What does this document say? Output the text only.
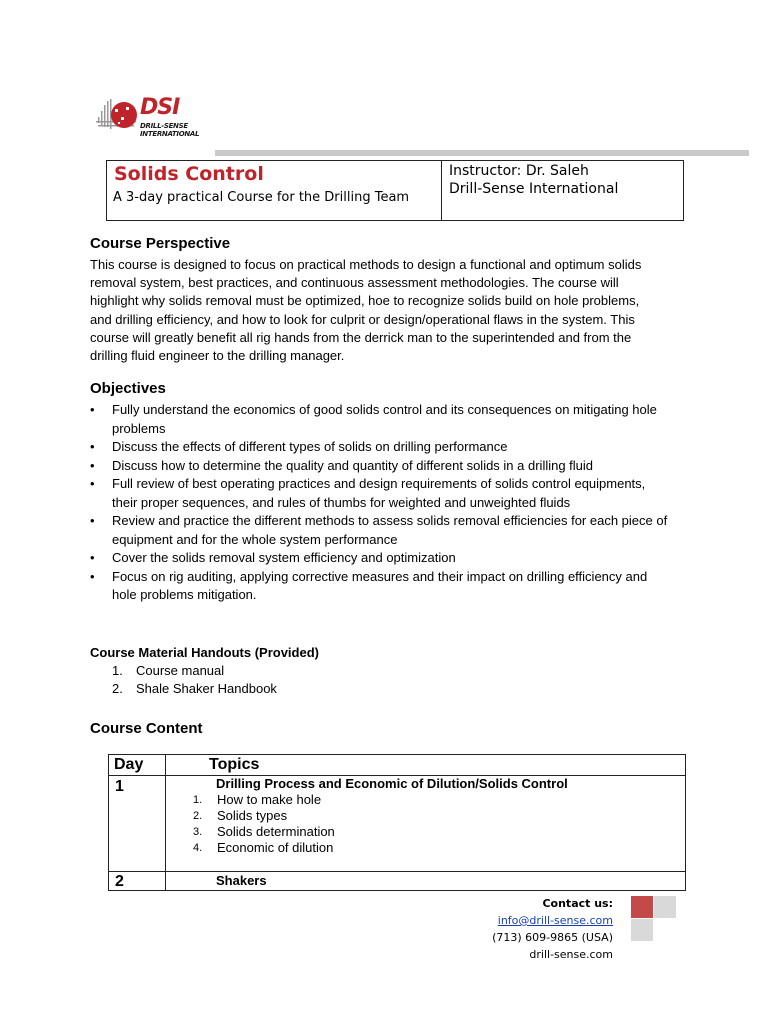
DSI
DRILL-SENSE
INTERNATIONAL
Solids Control
A 3-day practical Course for the Drilling Team
Instructor: Dr. Saleh
Drill-Sense International
Course Perspective
This course is designed to focus on practical methods to design a functional and optimum solids
removal system, best practices, and continuous assessment methodologies. The course will
highlight why solids removal must be optimized, hoe to recognize solids build on hole problems,
and drilling efficiency, and how to look for culprit or design/operational flaws in the system. This
course will greatly benefit all rig hands from the derrick man to the superintended and from the
drilling fluid engineer to the drilling manager.
Objectives
• Fully understand the economics of good solids control and its consequences on mitigating hole problems
• Discuss the effects of different types of solids on drilling performance
• Discuss how to determine the quality and quantity of different solids in a drilling fluid
• Full review of best operating practices and design requirements of solids control equipments, their proper sequences, and rules of thumbs for weighted and unweighted fluids
• Review and practice the different methods to assess solids removal efficiencies for each piece of equipment and for the whole system performance
• Cover the solids removal system efficiency and optimization
• Focus on rig auditing, applying corrective measures and their impact on drilling efficiency and hole problems mitigation.
Course Material Handouts (Provided)
1. Course manual
2. Shale Shaker Handbook
Course Content
Day	Topics
1	Drilling Process and Economic of Dilution/Solids Control
1. How to make hole
2. Solids types
3. Solids determination
4. Economic of dilution
2	Shakers
Contact us:
info@drill-sense.com
(713) 609-9865 (USA)
drill-sense.com
